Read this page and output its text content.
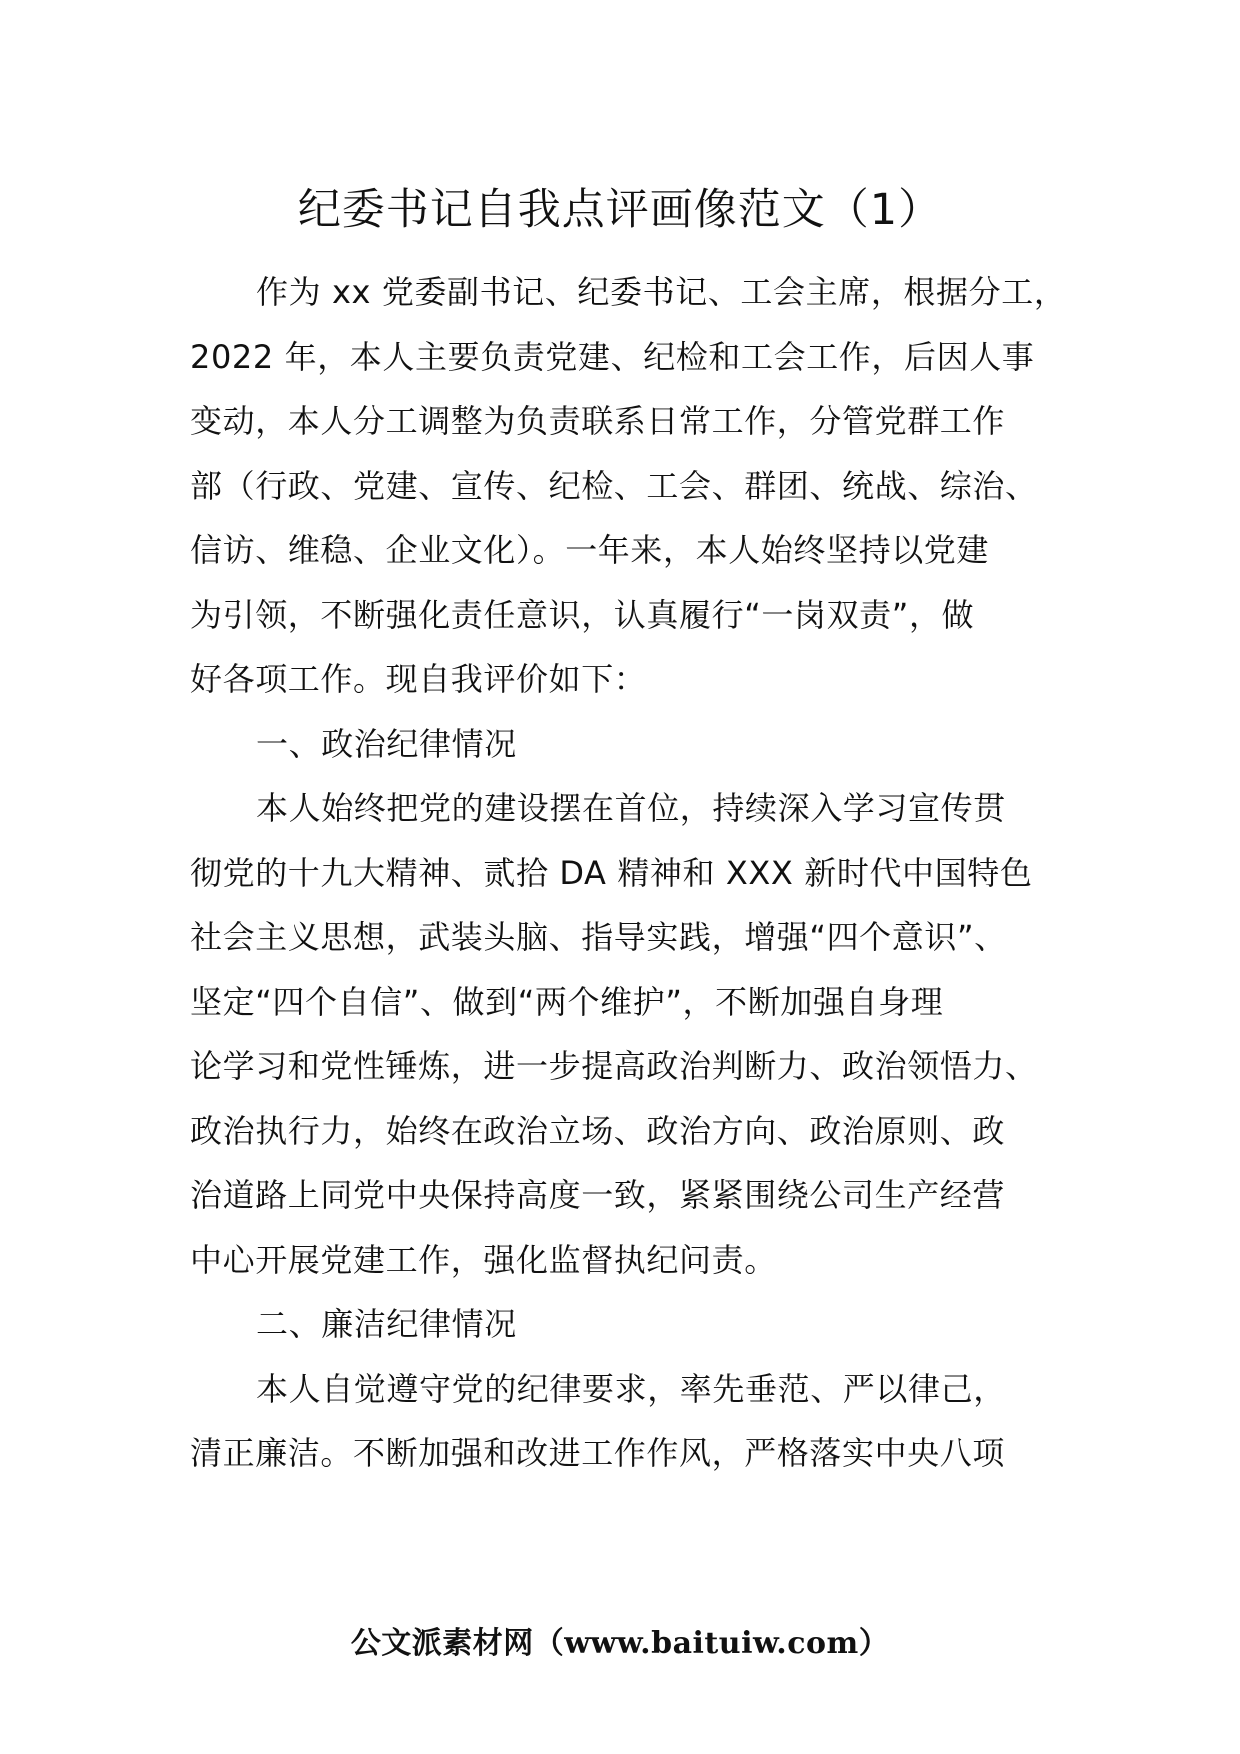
纪委书记自我点评画像范文（1）
作为 xx 党委副书记、纪委书记、工会主席，根据分工，
2022 年，本人主要负责党建、纪检和工会工作，后因人事
变动，本人分工调整为负责联系日常工作，分管党群工作
部（行政、党建、宣传、纪检、工会、群团、统战、综治、
信访、维稳、企业文化）。一年来，本人始终坚持以党建
为引领，不断强化责任意识，认真履行“一岗双责”，做
好各项工作。现自我评价如下：
一、政治纪律情况
本人始终把党的建设摆在首位，持续深入学习宣传贯
彻党的十九大精神、贰拾 DA 精神和 XXX 新时代中国特色
社会主义思想，武装头脑、指导实践，增强“四个意识”、
坚定“四个自信”、做到“两个维护”，不断加强自身理
论学习和党性锤炼，进一步提高政治判断力、政治领悟力、
政治执行力，始终在政治立场、政治方向、政治原则、政
治道路上同党中央保持高度一致，紧紧围绕公司生产经营
中心开展党建工作，强化监督执纪问责。
二、廉洁纪律情况
本人自觉遵守党的纪律要求，率先垂范、严以律己，
清正廉洁。不断加强和改进工作作风，严格落实中央八项
公文派素材网（www.baituiw.com）
